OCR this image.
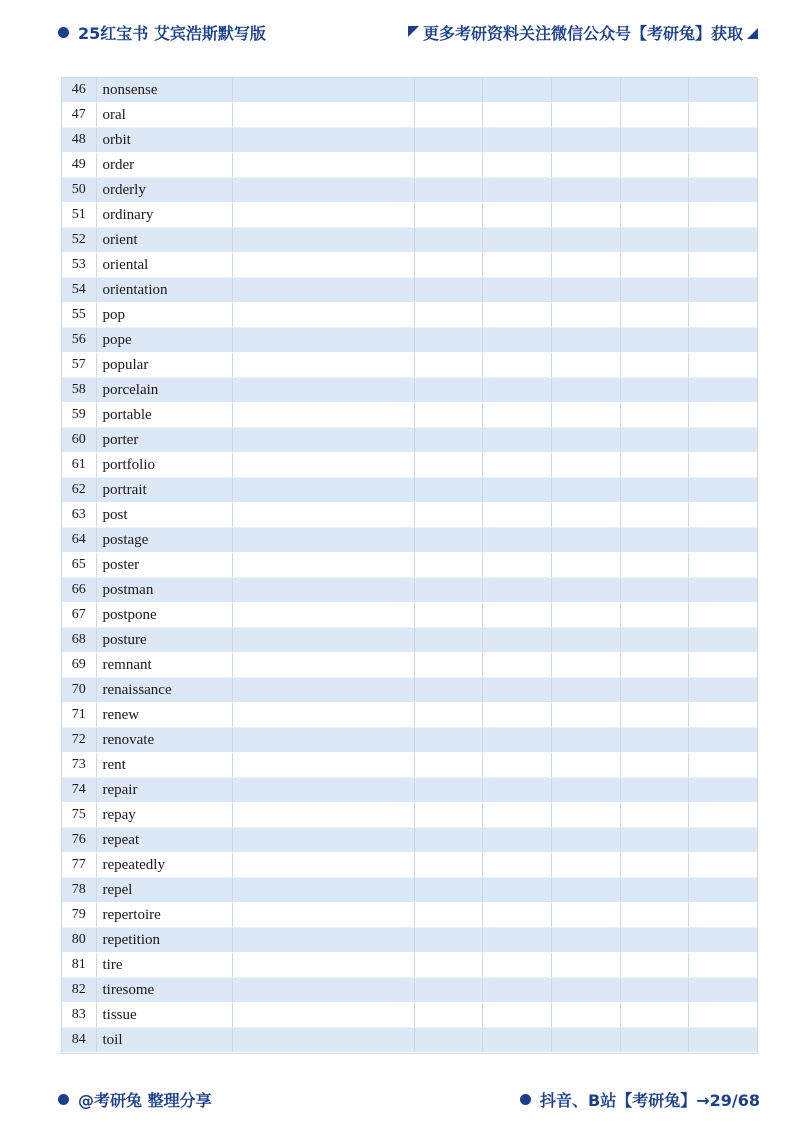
25红宝书 艾宾浩斯默写版	更多考研资料关注微信公众号【考研兔】获取
46	nonsense						
47	oral						
48	orbit						
49	order						
50	orderly						
51	ordinary						
52	orient						
53	oriental						
54	orientation						
55	pop						
56	pope						
57	popular						
58	porcelain						
59	portable						
60	porter						
61	portfolio						
62	portrait						
63	post						
64	postage						
65	poster						
66	postman						
67	postpone						
68	posture						
69	remnant						
70	renaissance						
71	renew						
72	renovate						
73	rent						
74	repair						
75	repay						
76	repeat						
77	repeatedly						
78	repel						
79	repertoire						
80	repetition						
81	tire						
82	tiresome						
83	tissue						
84	toil						
@考研兔 整理分享	抖音、B站【考研兔】→29/68
